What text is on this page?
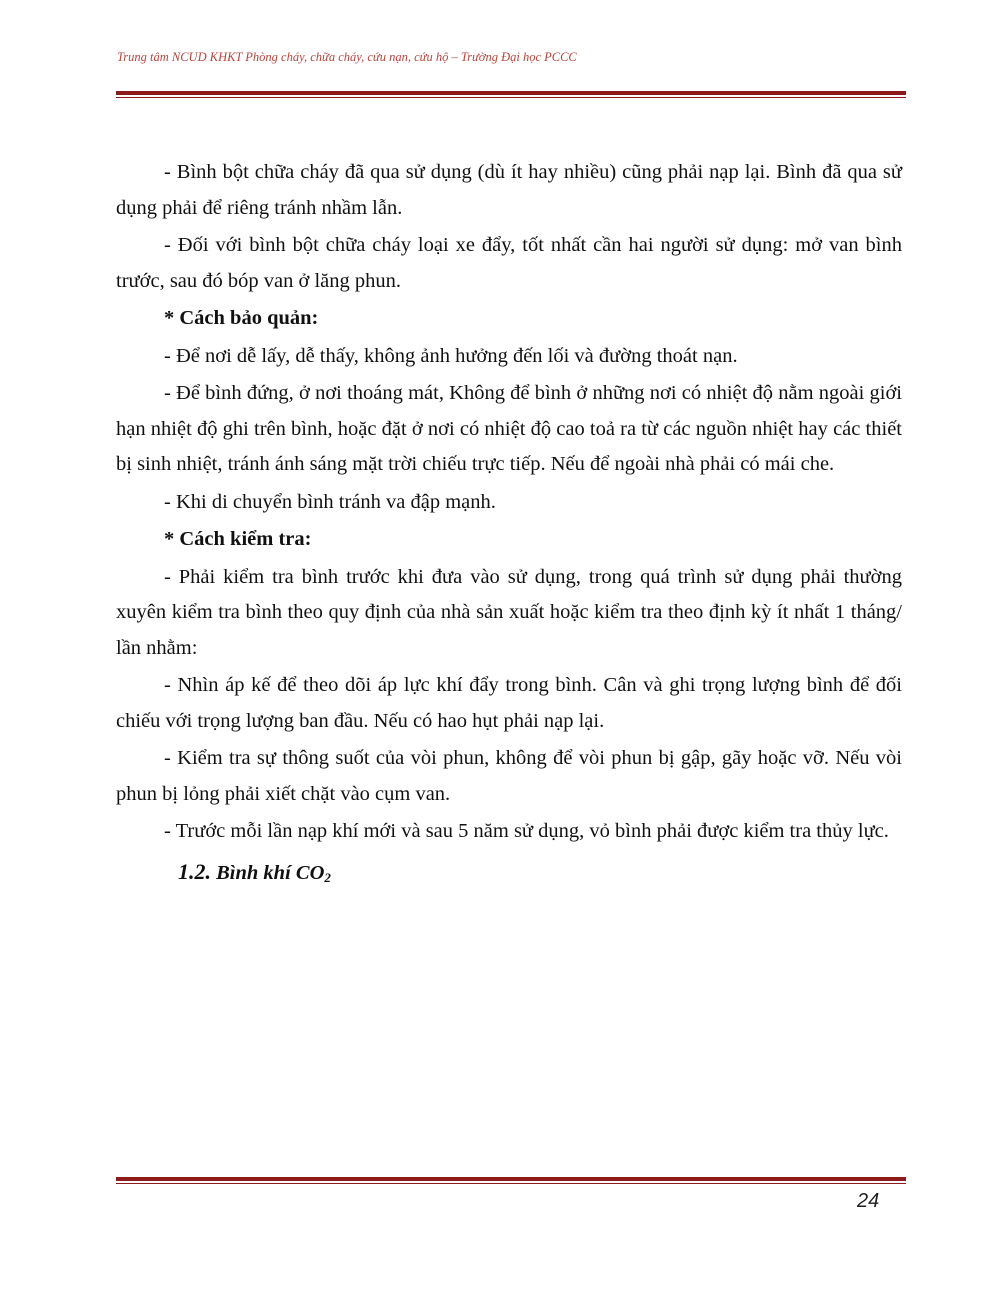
Trung tâm NCUD KHKT Phòng cháy, chữa cháy, cứu nạn, cứu hộ – Trường Đại học PCCC

- Bình bột chữa cháy đã qua sử dụng (dù ít hay nhiều) cũng phải nạp lại. Bình đã qua sử dụng phải để riêng tránh nhầm lẫn.

- Đối với bình bột chữa cháy loại xe đẩy, tốt nhất cần hai người sử dụng: mở van bình trước, sau đó bóp van ở lăng phun.

* Cách bảo quản:

- Để nơi dễ lấy, dễ thấy, không ảnh hưởng đến lối và đường thoát nạn.

- Để bình đứng, ở nơi thoáng mát, Không để bình ở những nơi có nhiệt độ nằm ngoài giới hạn nhiệt độ ghi trên bình, hoặc đặt ở nơi có nhiệt độ cao toả ra từ các nguồn nhiệt hay các thiết bị sinh nhiệt, tránh ánh sáng mặt trời chiếu trực tiếp. Nếu để ngoài nhà phải có mái che.

- Khi di chuyển bình tránh va đập mạnh.

* Cách kiểm tra:

- Phải kiểm tra bình trước khi đưa vào sử dụng, trong quá trình sử dụng phải thường xuyên kiểm tra bình theo quy định của nhà sản xuất hoặc kiểm tra theo định kỳ ít nhất 1 tháng/ lần nhằm:

- Nhìn áp kế để theo dõi áp lực khí đẩy trong bình. Cân và ghi trọng lượng bình để đối chiếu với trọng lượng ban đầu. Nếu có hao hụt phải nạp lại.

- Kiểm tra sự thông suốt của vòi phun, không để vòi phun bị gập, gãy hoặc vỡ. Nếu vòi phun bị lỏng phải xiết chặt vào cụm van.

- Trước mỗi lần nạp khí mới và sau 5 năm sử dụng, vỏ bình phải được kiểm tra thủy lực.

1.2. Bình khí $CO_2$

24
